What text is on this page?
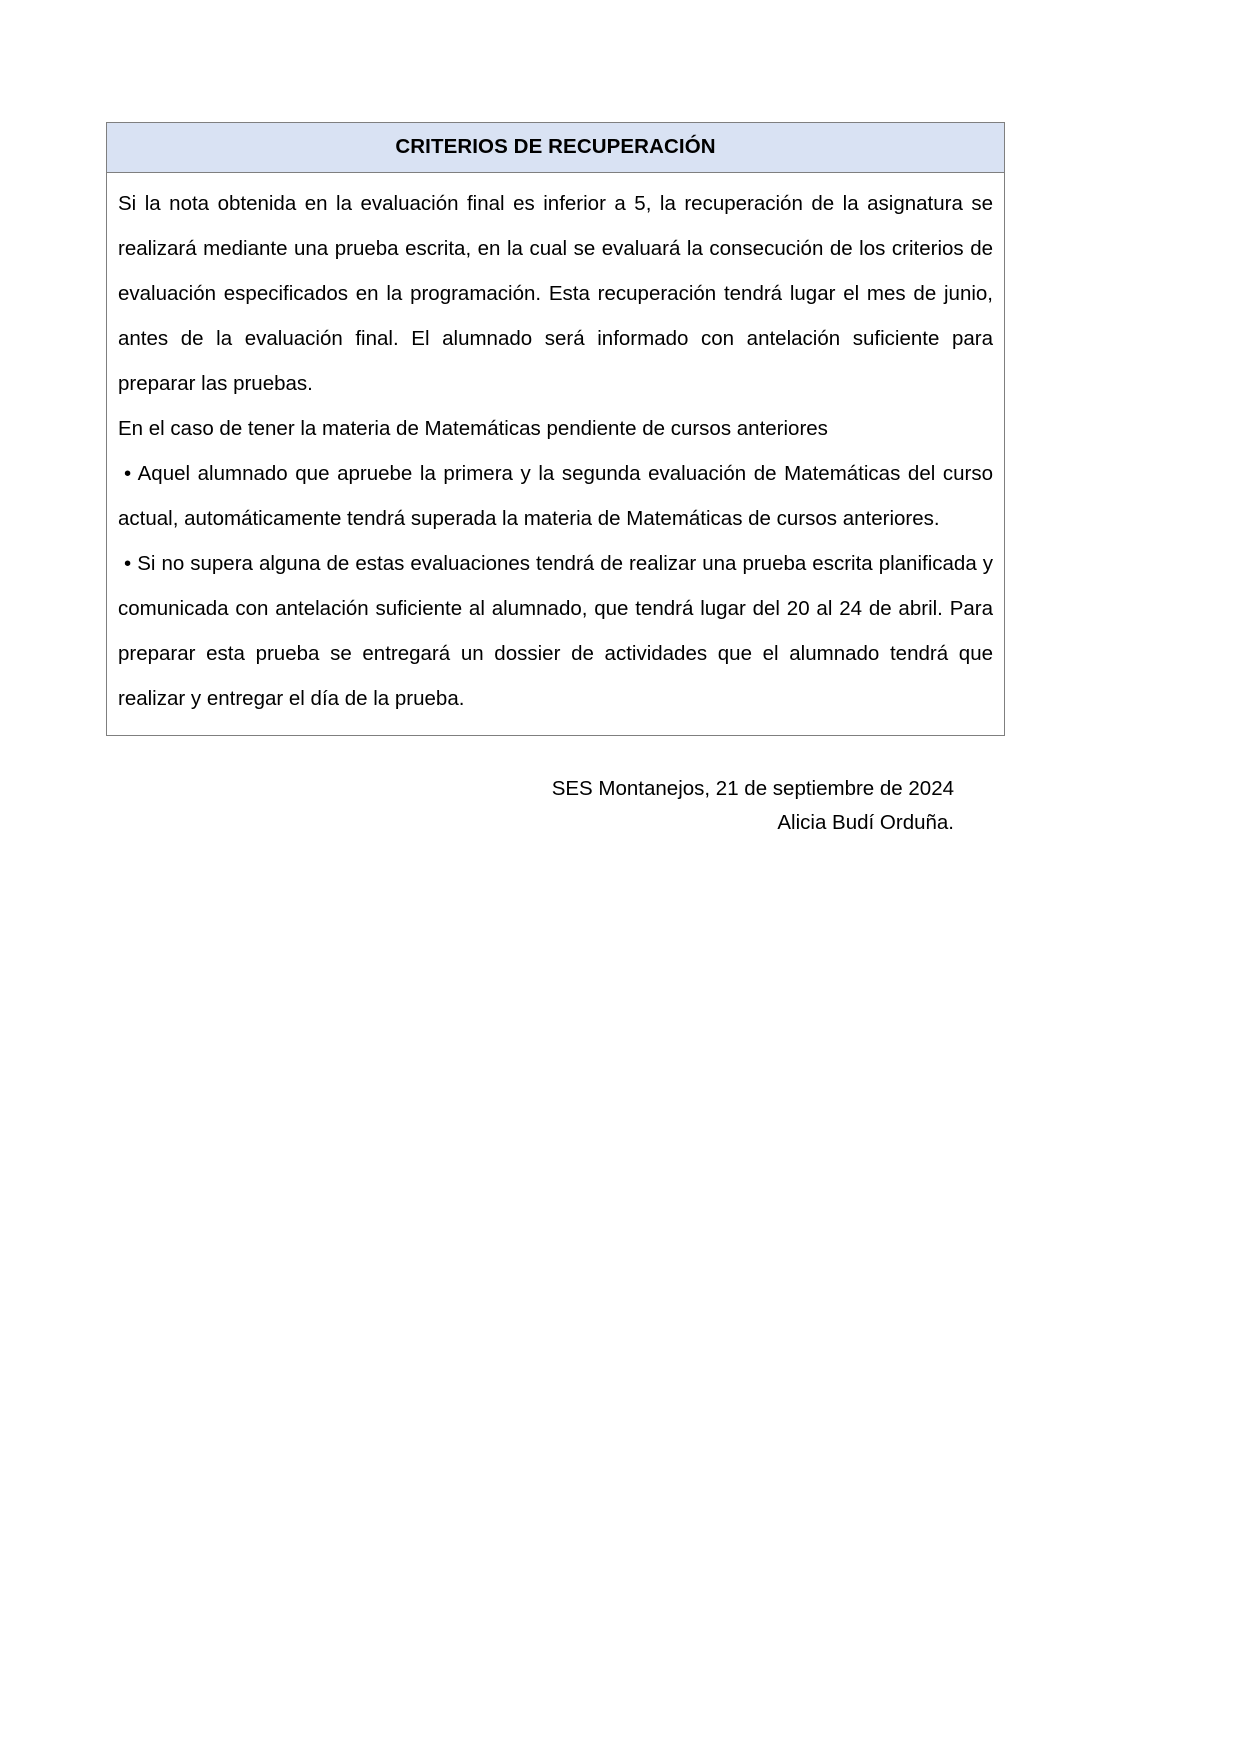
CRITERIOS DE RECUPERACIÓN

Si la nota obtenida en la evaluación final es inferior a 5, la recuperación de la asignatura se realizará mediante una prueba escrita, en la cual se evaluará la consecución de los criterios de evaluación especificados en la programación. Esta recuperación tendrá lugar el mes de junio, antes de la evaluación final. El alumnado será informado con antelación suficiente para preparar las pruebas.

En el caso de tener la materia de Matemáticas pendiente de cursos anteriores

• Aquel alumnado que apruebe la primera y la segunda evaluación de Matemáticas del curso actual, automáticamente tendrá superada la materia de Matemáticas de cursos anteriores.

• Si no supera alguna de estas evaluaciones tendrá de realizar una prueba escrita planificada y comunicada con antelación suficiente al alumnado, que tendrá lugar del 20 al 24 de abril. Para preparar esta prueba se entregará un dossier de actividades que el alumnado tendrá que realizar y entregar el día de la prueba.

SES Montanejos, 21 de septiembre de 2024
Alicia Budí Orduña.
